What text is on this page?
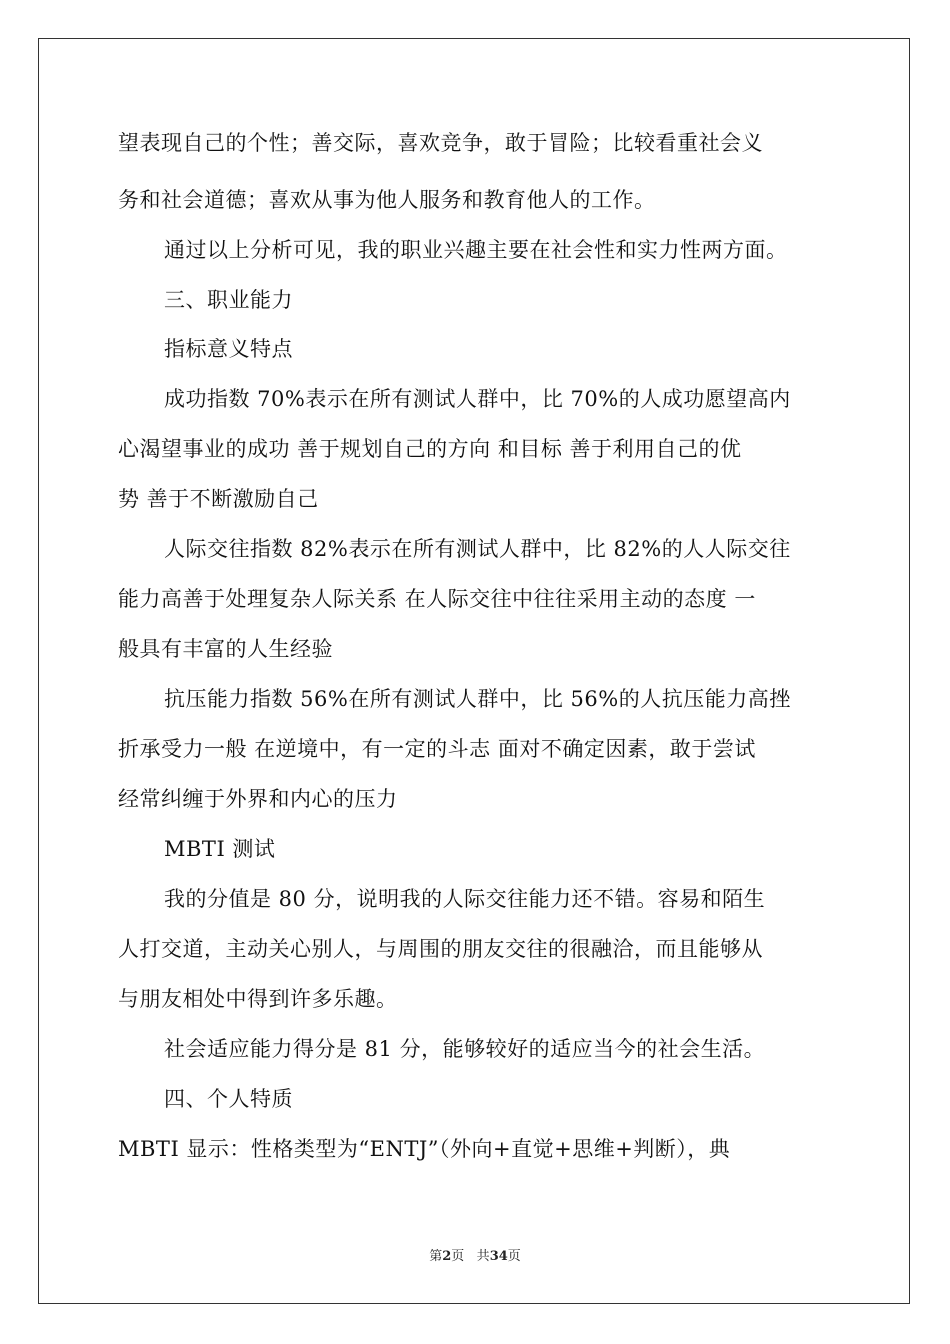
望表现自己的个性；善交际，喜欢竞争，敢于冒险；比较看重社会义
务和社会道德；喜欢从事为他人服务和教育他人的工作。
通过以上分析可见，我的职业兴趣主要在社会性和实力性两方面。
三、职业能力
指标意义特点
成功指数 70%表示在所有测试人群中，比 70%的人成功愿望高内
心渴望事业的成功 善于规划自己的方向 和目标 善于利用自己的优
势 善于不断激励自己
人际交往指数 82%表示在所有测试人群中，比 82%的人人际交往
能力高善于处理复杂人际关系 在人际交往中往往采用主动的态度 一
般具有丰富的人生经验
抗压能力指数 56%在所有测试人群中，比 56%的人抗压能力高挫
折承受力一般 在逆境中，有一定的斗志 面对不确定因素，敢于尝试
经常纠缠于外界和内心的压力
MBTI 测试
我的分值是 80 分，说明我的人际交往能力还不错。容易和陌生
人打交道，主动关心别人，与周围的朋友交往的很融洽，而且能够从
与朋友相处中得到许多乐趣。
社会适应能力得分是 81 分，能够较好的适应当今的社会生活。
四、个人特质
MBTI 显示：性格类型为“ENTJ”（外向+直觉+思维+判断），典
第2页 共34页
